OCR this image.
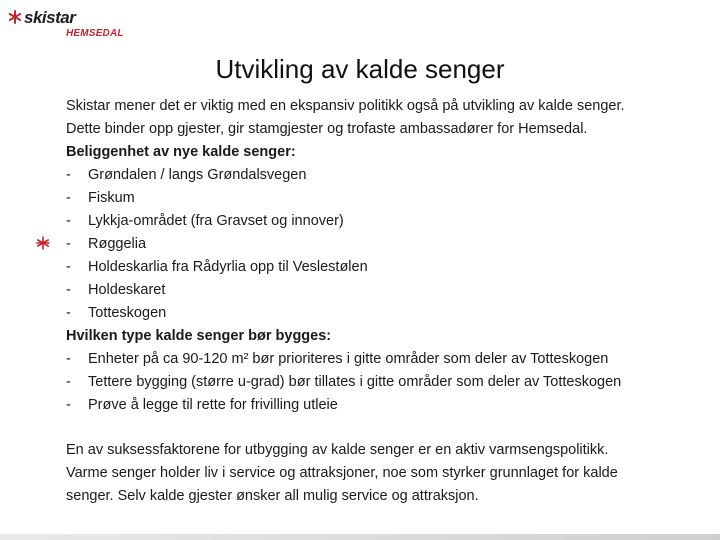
skistar
HEMSEDAL
Utvikling av kalde senger
Skistar mener det er viktig med en ekspansiv politikk også på utvikling av kalde senger.
Dette binder opp gjester, gir stamgjester og trofaste ambassadører for Hemsedal.
Beliggenhet av nye kalde senger:
-	Grøndalen / langs Grøndalsvegen
-	Fiskum
-	Lykkja-området (fra Gravset og innover)
-	Røggelia
-	Holdeskarlia fra Rådyrlia opp til Veslestølen
-	Holdeskaret
-	Totteskogen
Hvilken type kalde senger bør bygges:
-	Enheter på ca 90-120 m² bør prioriteres i gitte områder som deler av Totteskogen
-	Tettere bygging (større u-grad) bør tillates i gitte områder som deler av Totteskogen
-	Prøve å legge til rette for frivilling utleie
En av suksessfaktorene for utbygging av kalde senger er en aktiv varmsengspolitikk.
Varme senger holder liv i service og attraksjoner, noe som styrker grunnlaget for kalde
senger. Selv kalde gjester ønsker all mulig service og attraksjon.
